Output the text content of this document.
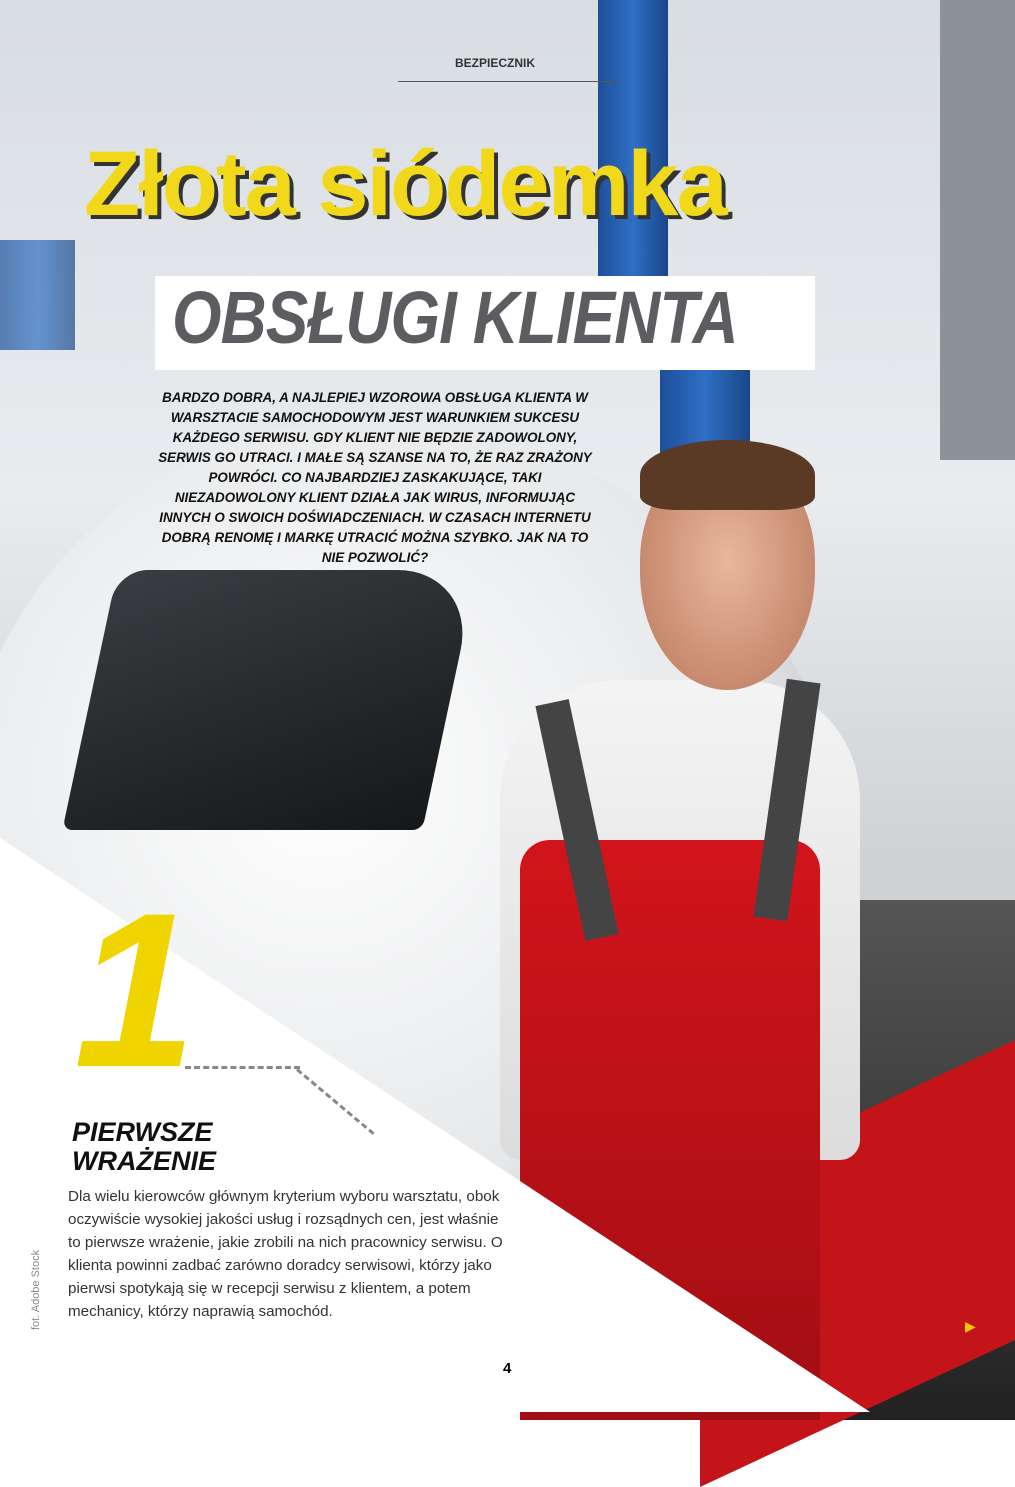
BEZPIECZNIK
Złota siódemka
OBSŁUGI KLIENTA
BARDZO DOBRA, A NAJLEPIEJ WZOROWA OBSŁUGA KLIENTA W WARSZTACIE SAMOCHODOWYM JEST WARUNKIEM SUKCESU KAŻDEGO SERWISU. GDY KLIENT NIE BĘDZIE ZADOWOLONY, SERWIS GO UTRACI. I MAŁE SĄ SZANSE NA TO, ŻE RAZ ZRAŻONY POWRÓCI. CO NAJBARDZIEJ ZASKAKUJĄCE, TAKI NIEZADOWOLONY KLIENT DZIAŁA JAK WIRUS, INFORMUJĄC INNYCH O SWOICH DOŚWIADCZENIACH. W CZASACH INTERNETU DOBRĄ RENOMĘ I MARKĘ UTRACIĆ MOŻNA SZYBKO. JAK NA TO NIE POZWOLIĆ?
1
PIERWSZE
WRAŻENIE
Dla wielu kierowców głównym kryterium wyboru warsztatu, obok oczywiście wysokiej jakości usług i rozsądnych cen, jest właśnie to pierwsze wrażenie, jakie zrobili na nich pracownicy serwisu. O klienta powinni zadbać zarówno doradcy serwisowi, którzy jako pierwsi spotykają się w recepcji serwisu z klientem, a potem mechanicy, którzy naprawią samochód.
fot. Adobe Stock
4
▶
